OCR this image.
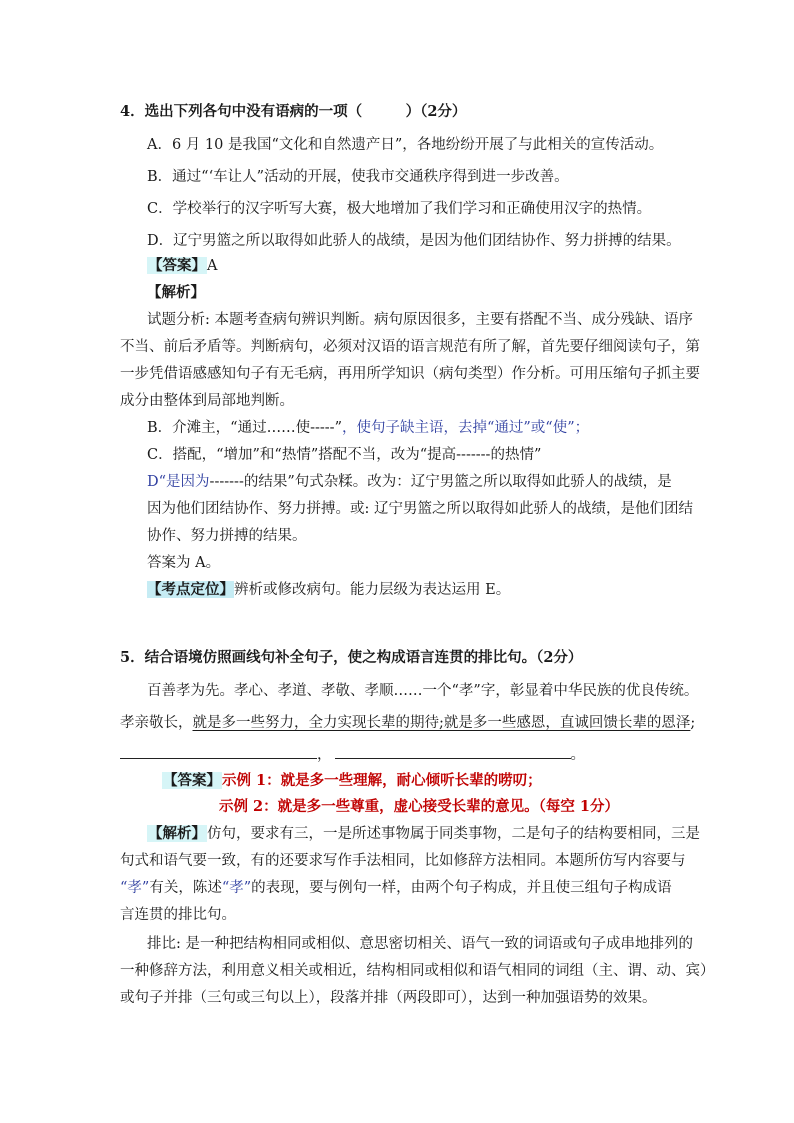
4．选出下列各句中没有语病的一项（　　　）（2分）
A．6 月 10 是我国“文化和自然遗产日”，各地纷纷开展了与此相关的宣传活动。
B．通过“‘车让人”活动的开展，使我市交通秩序得到进一步改善。
C．学校举行的汉字听写大赛，极大地增加了我们学习和正确使用汉字的热情。
D．辽宁男篮之所以取得如此骄人的战绩，是因为他们团结协作、努力拼搏的结果。
【答案】A
【解析】
试题分析: 本题考查病句辨识判断。病句原因很多，主要有搭配不当、成分残缺、语序
不当、前后矛盾等。判断病句，必须对汉语的语言规范有所了解，首先要仔细阅读句子，第
一步凭借语感感知句子有无毛病，再用所学知识（病句类型）作分析。可用压缩句子抓主要
成分由整体到局部地判断。
B．介滩主，“通过……使-----”，使句子缺主语，去掉“通过”或“使”；
C．搭配，“增加”和“热情”搭配不当，改为“提高-------的热情”
D“是因为-------的结果”句式杂糅。改为：辽宁男篮之所以取得如此骄人的战绩，是
因为他们团结协作、努力拼搏。或: 辽宁男篮之所以取得如此骄人的战绩，是他们团结
协作、努力拼搏的结果。
答案为 A。
【考点定位】辨析或修改病句。能力层级为表达运用 E。
5．结合语境仿照画线句补全句子，使之构成语言连贯的排比句。（2分）
百善孝为先。孝心、孝道、孝敬、孝顺……一个“孝”字，彰显着中华民族的优良传统。
孝亲敬长，就是多一些努力，全力实现长辈的期待;就是多一些感恩，直诚回馈长辈的恩泽;
，	。
【答案】示例 1：就是多一些理解，耐心倾听长辈的唠叨；
示例 2：就是多一些尊重，虚心接受长辈的意见。（每空 1分）
【解析】仿句，要求有三，一是所述事物属于同类事物，二是句子的结构要相同，三是
句式和语气要一致，有的还要求写作手法相同，比如修辞方法相同。本题所仿写内容要与
“孝”有关，陈述“孝”的表现，要与例句一样，由两个句子构成，并且使三组句子构成语
言连贯的排比句。
排比: 是一种把结构相同或相似、意思密切相关、语气一致的词语或句子成串地排列的
一种修辞方法，利用意义相关或相近，结构相同或相似和语气相同的词组（主、谓、动、宾）
或句子并排（三句或三句以上），段落并排（两段即可），达到一种加强语势的效果。
